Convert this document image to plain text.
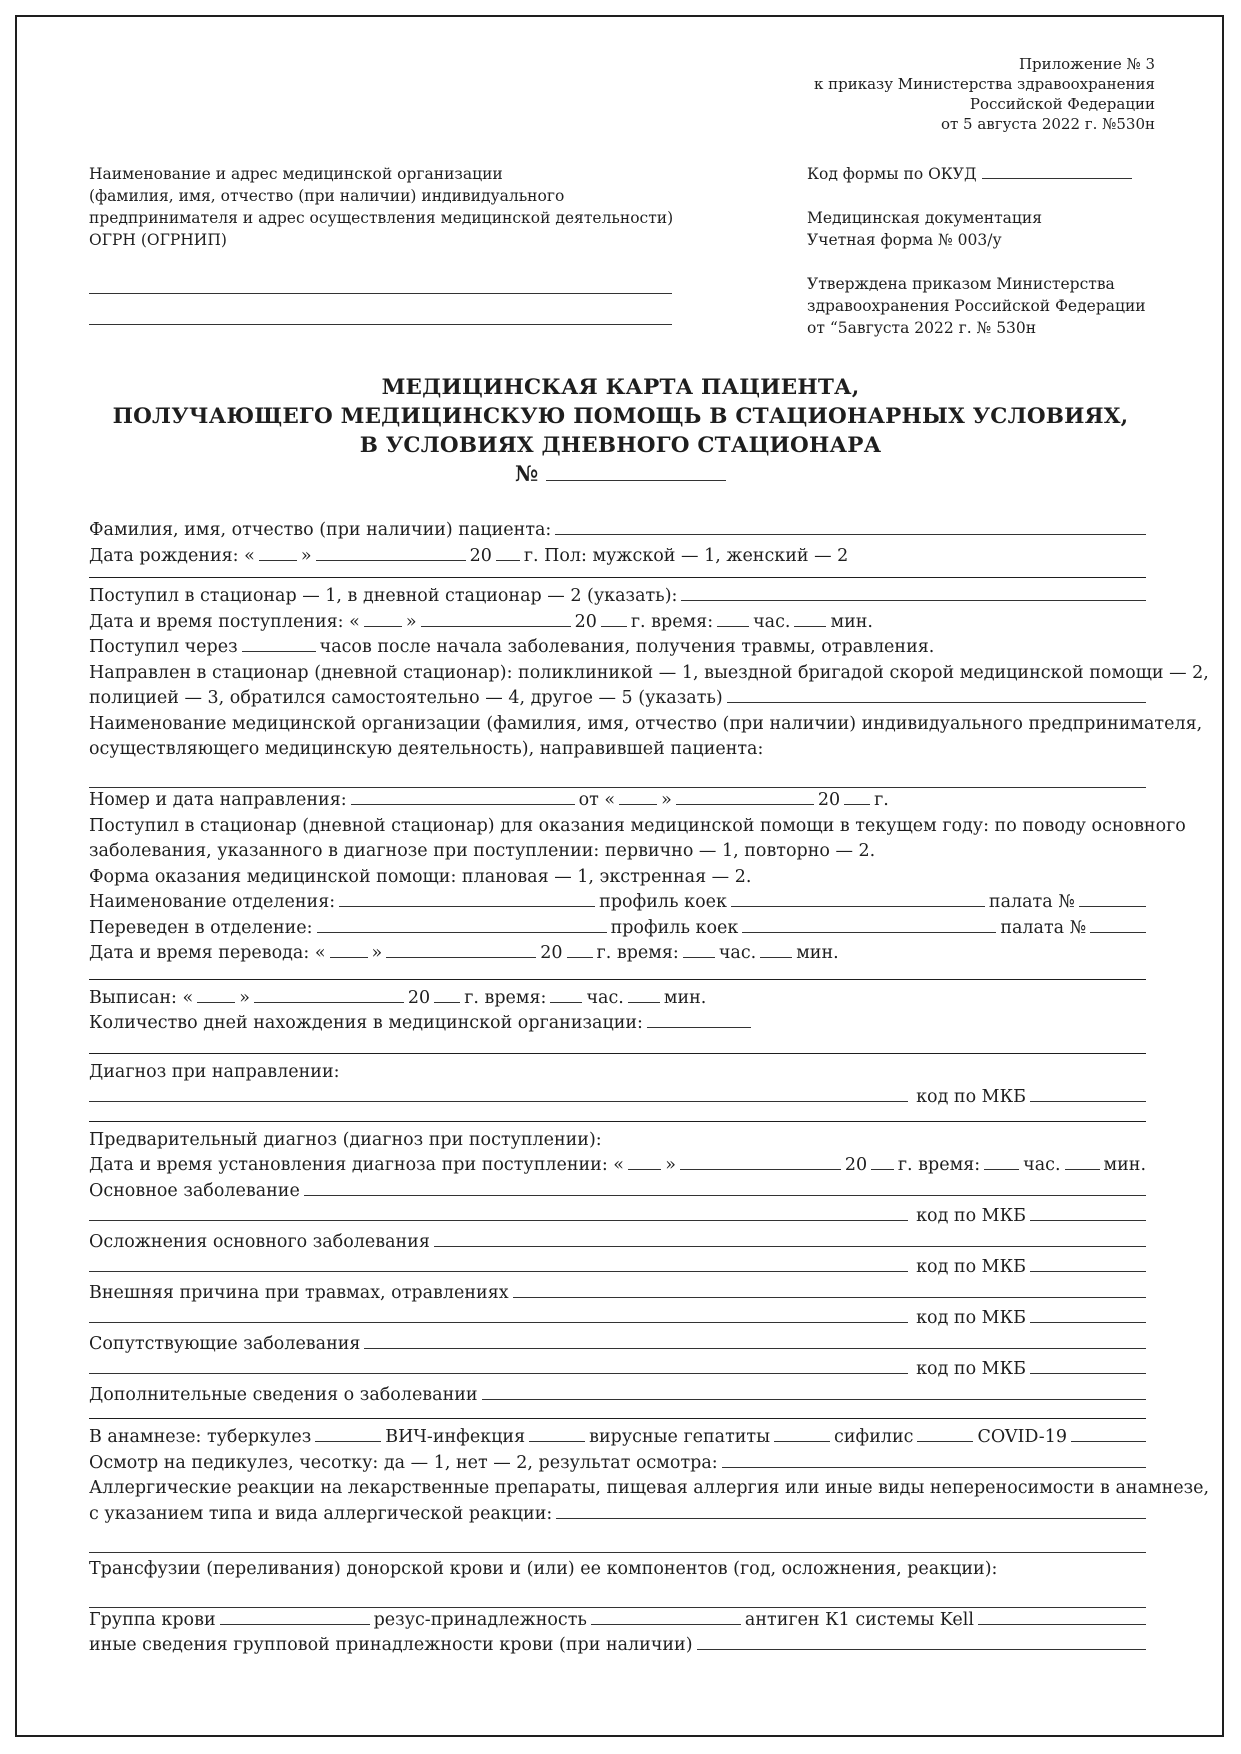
Приложение № 3
к приказу Министерства здравоохранения
Российской Федерации
от 5 августа 2022 г. №530н
Наименование и адрес медицинской организации
(фамилия, имя, отчество (при наличии) индивидуального
предпринимателя и адрес осуществления медицинской деятельности)
ОГРН (ОГРНИП)
Код формы по ОКУД
Медицинская документация
Учетная форма № 003/у
Утверждена приказом Министерства
здравоохранения Российской Федерации
от “5августа 2022 г. № 530н
МЕДИЦИНСКАЯ КАРТА ПАЦИЕНТА,
ПОЛУЧАЮЩЕГО МЕДИЦИНСКУЮ ПОМОЩЬ В СТАЦИОНАРНЫХ УСЛОВИЯХ,
В УСЛОВИЯХ ДНЕВНОГО СТАЦИОНАРА
№
Фамилия, имя, отчество (при наличии) пациента:
Дата рождения: «	»	20 г. Пол: мужской — 1, женский — 2
Поступил в стационар — 1, в дневной стационар — 2 (указать):
Дата и время поступления: «	»	20 г. время: час. мин.
Поступил через	часов после начала заболевания, получения травмы, отравления.
Направлен в стационар (дневной стационар): поликлиникой — 1, выездной бригадой скорой медицинской помощи — 2,
полицией — 3, обратился самостоятельно — 4, другое — 5 (указать)
Наименование медицинской организации (фамилия, имя, отчество (при наличии) индивидуального предпринимателя,
осуществляющего медицинскую деятельность), направившей пациента:
Номер и дата направления:	от «	»	20 г.
Поступил в стационар (дневной стационар) для оказания медицинской помощи в текущем году: по поводу основного
заболевания, указанного в диагнозе при поступлении: первично — 1, повторно — 2.
Форма оказания медицинской помощи: плановая — 1, экстренная — 2.
Наименование отделения:	профиль коек	палата №
Переведен в отделение:	профиль коек	палата №
Дата и время перевода: «	»	20 г. время: час. мин.
Выписан: «	»	20 г. время: час. мин.
Количество дней нахождения в медицинской организации:
Диагноз при направлении:
код по МКБ
Предварительный диагноз (диагноз при поступлении):
Дата и время установления диагноза при поступлении: « »	20 г. время: час. мин.
Основное заболевание
код по МКБ
Осложнения основного заболевания
код по МКБ
Внешняя причина при травмах, отравлениях
код по МКБ
Сопутствующие заболевания
код по МКБ
Дополнительные сведения о заболевании
В анамнезе: туберкулез	ВИЧ-инфекция	вирусные гепатиты	сифилис	COVID-19
Осмотр на педикулез, чесотку: да — 1, нет — 2, результат осмотра:
Аллергические реакции на лекарственные препараты, пищевая аллергия или иные виды непереносимости в анамнезе,
с указанием типа и вида аллергической реакции:
Трансфузии (переливания) донорской крови и (или) ее компонентов (год, осложнения, реакции):
Группа крови	резус-принадлежность	антиген К1 системы Kell
иные сведения групповой принадлежности крови (при наличии)
